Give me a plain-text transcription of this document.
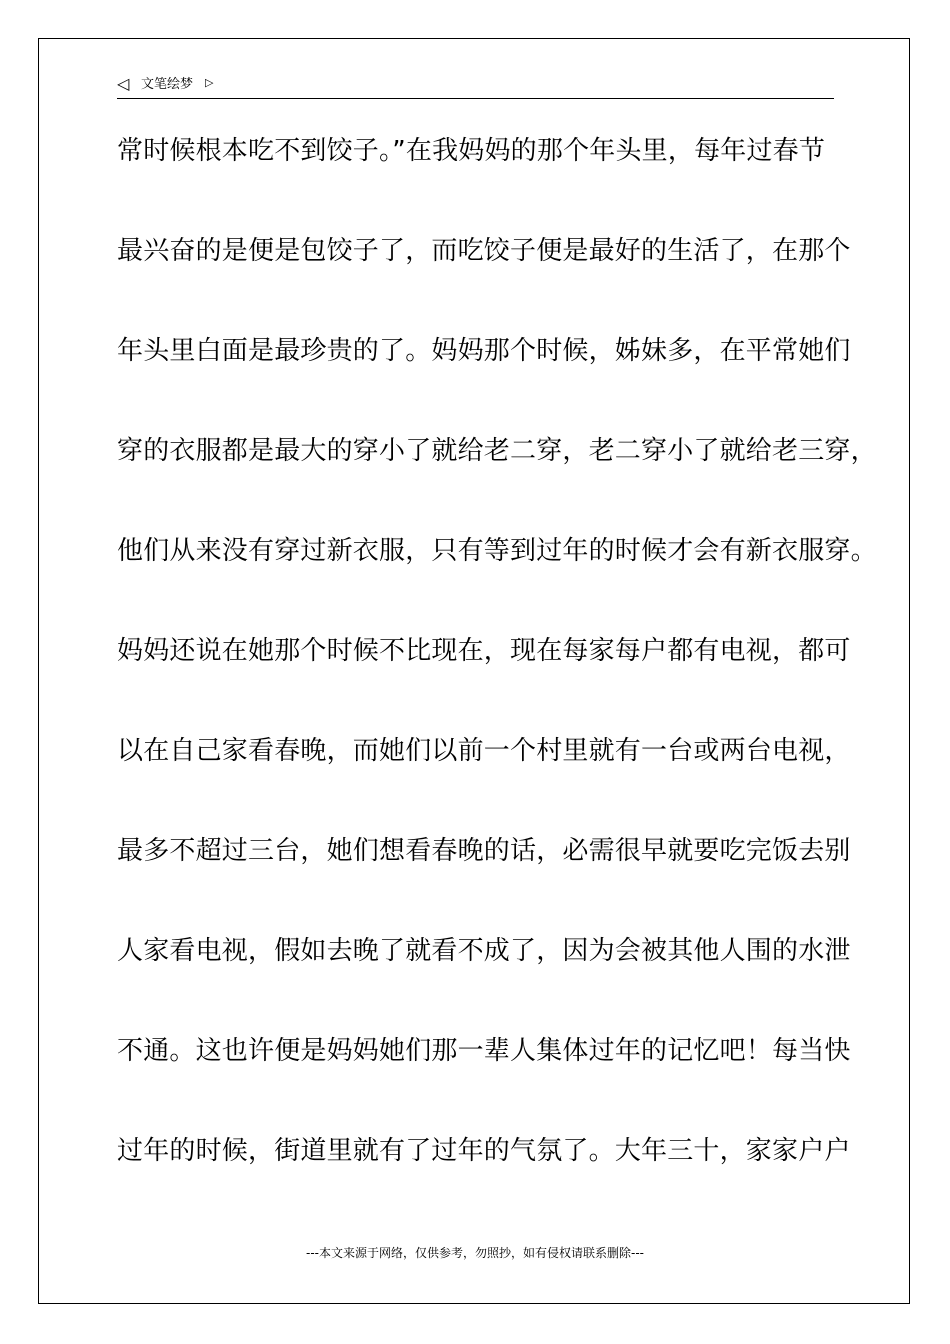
◁ 文笔绘梦 ▷
常时候根本吃不到饺子。”在我妈妈的那个年头里，每年过春节
最兴奋的是便是包饺子了，而吃饺子便是最好的生活了，在那个
年头里白面是最珍贵的了。妈妈那个时候，姊妹多，在平常她们
穿的衣服都是最大的穿小了就给老二穿，老二穿小了就给老三穿，
他们从来没有穿过新衣服，只有等到过年的时候才会有新衣服穿。
妈妈还说在她那个时候不比现在，现在每家每户都有电视，都可
以在自己家看春晚，而她们以前一个村里就有一台或两台电视，
最多不超过三台，她们想看春晚的话，必需很早就要吃完饭去别
人家看电视，假如去晚了就看不成了，因为会被其他人围的水泄
不通。这也许便是妈妈她们那一辈人集体过年的记忆吧！每当快
过年的时候，街道里就有了过年的气氛了。大年三十，家家户户
---本文来源于网络，仅供参考，勿照抄，如有侵权请联系删除---
